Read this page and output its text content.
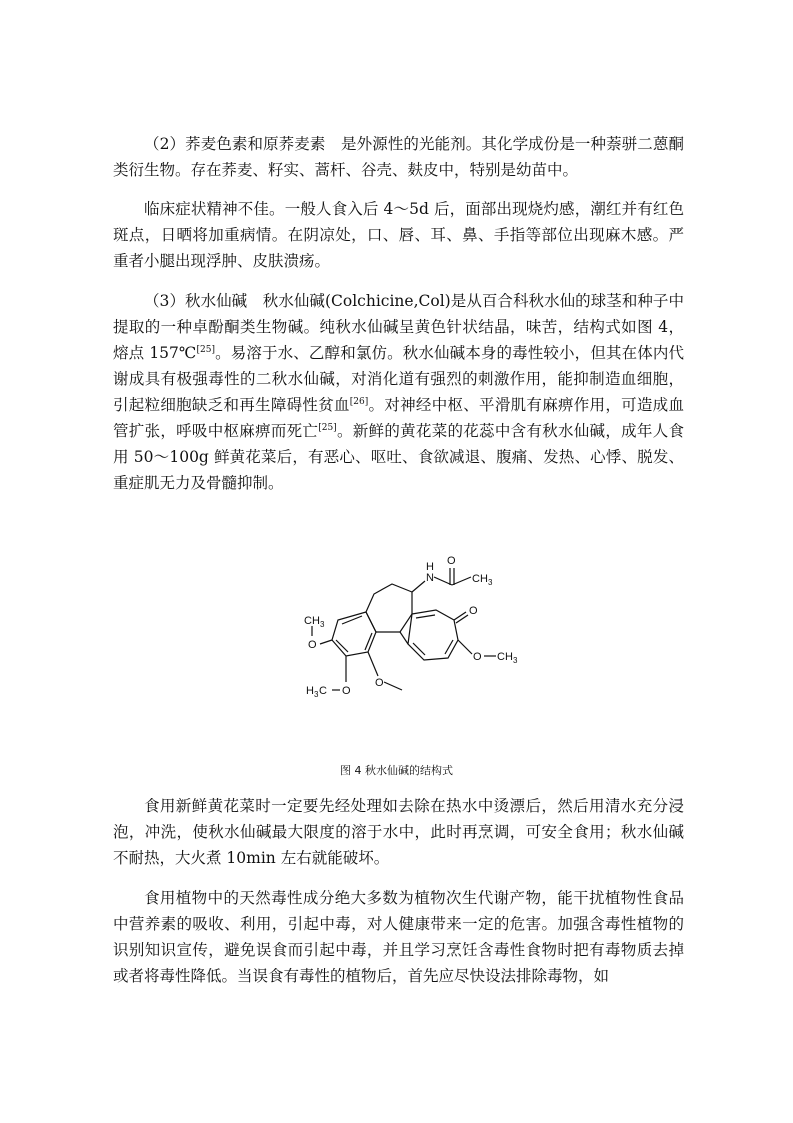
（2）荞麦色素和原荞麦素　是外源性的光能剂。其化学成份是一种萘骈二蒽酮类衍生物。存在荞麦、籽实、蒿杆、谷壳、麸皮中，特别是幼苗中。

临床症状精神不佳。一般人食入后 4～5d 后，面部出现烧灼感，潮红并有红色斑点，日晒将加重病情。在阴凉处，口、唇、耳、鼻、手指等部位出现麻木感。严重者小腿出现浮肿、皮肤溃疡。

（3）秋水仙碱　秋水仙碱(Colchicine,Col)是从百合科秋水仙的球茎和种子中提取的一种卓酚酮类生物碱。纯秋水仙碱呈黄色针状结晶，味苦，结构式如图 4，熔点 157℃[25]。易溶于水、乙醇和氯仿。秋水仙碱本身的毒性较小，但其在体内代谢成具有极强毒性的二秋水仙碱，对消化道有强烈的刺激作用，能抑制造血细胞，引起粒细胞缺乏和再生障碍性贫血[26]。对神经中枢、平滑肌有麻痹作用，可造成血管扩张，呼吸中枢麻痹而死亡[25]。新鲜的黄花菜的花蕊中含有秋水仙碱，成年人食用 50～100g 鲜黄花菜后，有恶心、呕吐、食欲减退、腹痛、发热、心悸、脱发、重症肌无力及骨髓抑制。

O
N
H
CH 3
O
O CH 3
CH 3
O
H 3 C O
O
图 4 秋水仙碱的结构式

食用新鲜黄花菜时一定要先经处理如去除在热水中烫漂后，然后用清水充分浸泡，冲洗，使秋水仙碱最大限度的溶于水中，此时再烹调，可安全食用；秋水仙碱不耐热，大火煮 10min 左右就能破坏。

食用植物中的天然毒性成分绝大多数为植物次生代谢产物，能干扰植物性食品中营养素的吸收、利用，引起中毒，对人健康带来一定的危害。加强含毒性植物的识别知识宣传，避免误食而引起中毒，并且学习烹饪含毒性食物时把有毒物质去掉或者将毒性降低。当误食有毒性的植物后，首先应尽快设法排除毒物，如
